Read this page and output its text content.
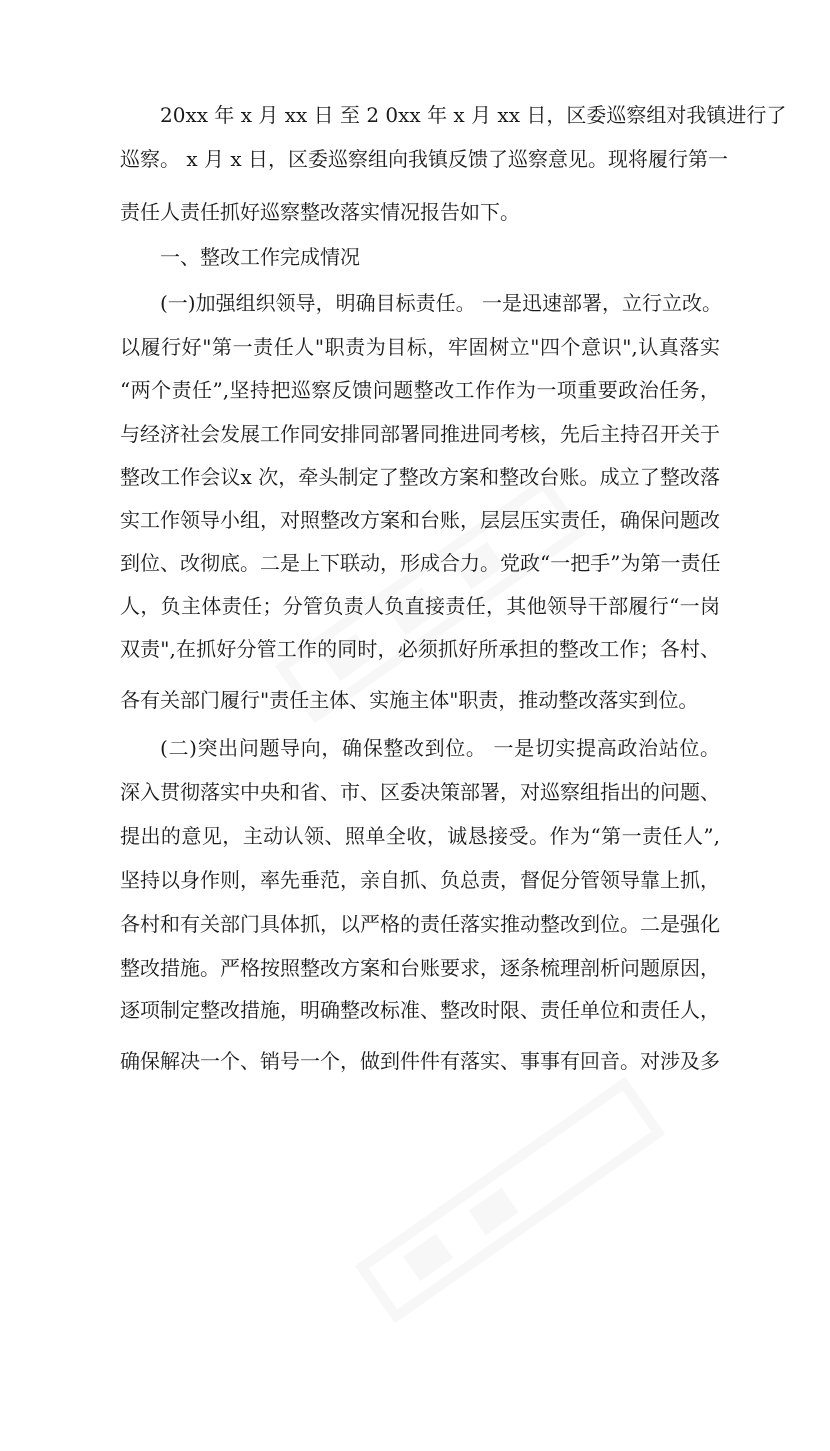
20xx 年 x 月 xx 日 至 2 0xx 年 x 月 xx 日，区委巡察组对我镇进行了
巡察。 x 月 x 日，区委巡察组向我镇反馈了巡察意见。现将履行第一
责任人责任抓好巡察整改落实情况报告如下。
一、整改工作完成情况
(一)加强组织领导，明确目标责任。 一是迅速部署，立行立改。
以履行好"第一责任人"职责为目标，牢固树立"四个意识",认真落实
“两个责任”,坚持把巡察反馈问题整改工作作为一项重要政治任务，
与经济社会发展工作同安排同部署同推进同考核，先后主持召开关于
整改工作会议x 次，牵头制定了整改方案和整改台账。成立了整改落
实工作领导小组，对照整改方案和台账，层层压实责任，确保问题改
到位、改彻底。二是上下联动，形成合力。党政“一把手”为第一责任
人，负主体责任；分管负责人负直接责任，其他领导干部履行“一岗
双责",在抓好分管工作的同时，必须抓好所承担的整改工作；各村、
各有关部门履行"责任主体、实施主体"职责，推动整改落实到位。
(二)突出问题导向，确保整改到位。 一是切实提高政治站位。
深入贯彻落实中央和省、市、区委决策部署，对巡察组指出的问题、
提出的意见，主动认领、照单全收，诚恳接受。作为“第一责任人”,
坚持以身作则，率先垂范，亲自抓、负总责，督促分管领导靠上抓，
各村和有关部门具体抓，以严格的责任落实推动整改到位。二是强化
整改措施。严格按照整改方案和台账要求，逐条梳理剖析问题原因，
逐项制定整改措施，明确整改标准、整改时限、责任单位和责任人，
确保解决一个、销号一个，做到件件有落实、事事有回音。对涉及多
